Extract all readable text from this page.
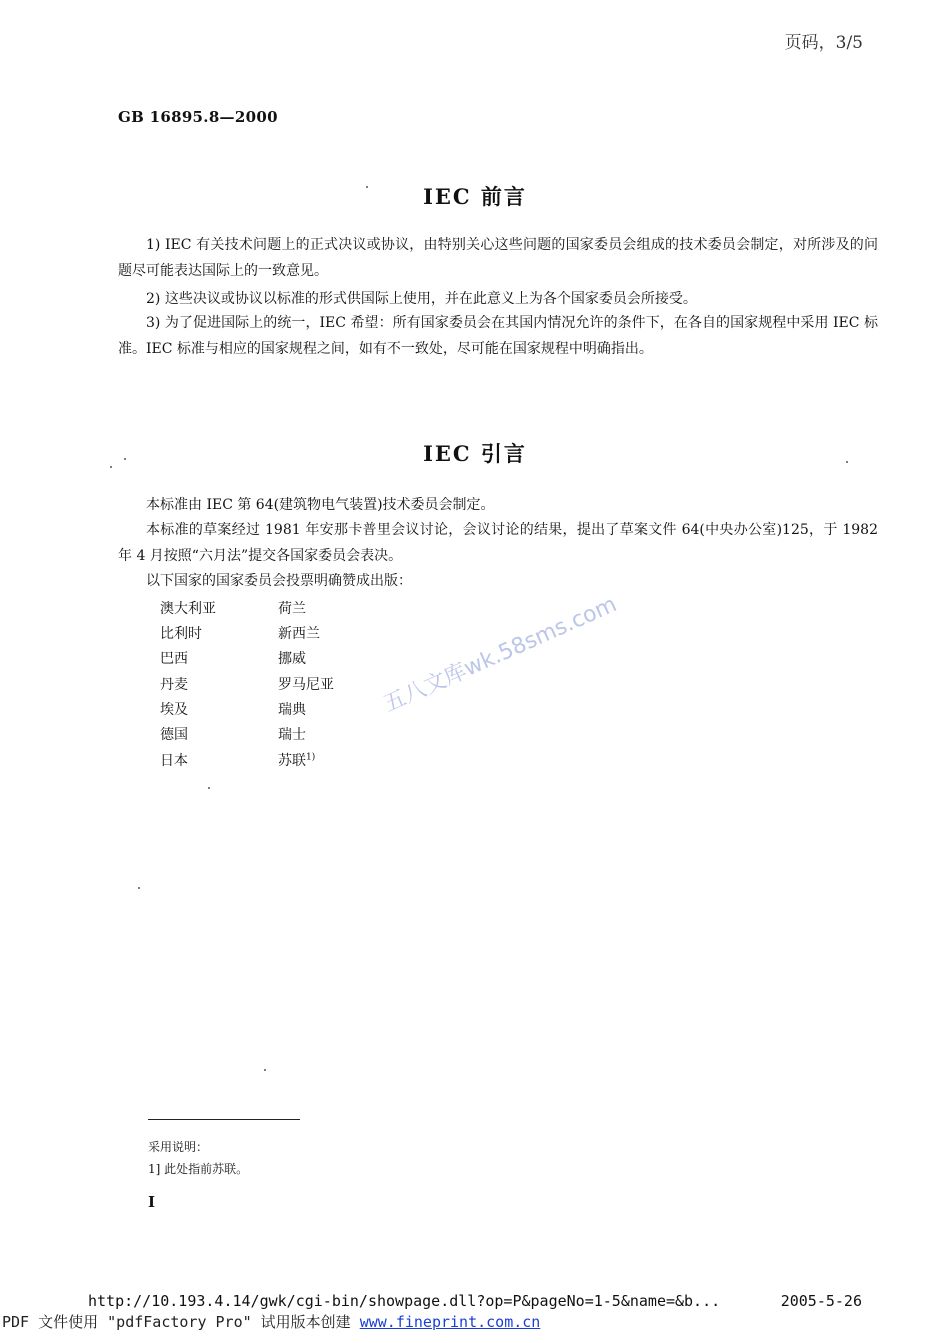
页码，3/5
GB 16895.8—2000
IEC 前言
1) IEC 有关技术问题上的正式决议或协议，由特别关心这些问题的国家委员会组成的技术委员会制定，对所涉及的问题尽可能表达国际上的一致意见。
2) 这些决议或协议以标准的形式供国际上使用，并在此意义上为各个国家委员会所接受。
3) 为了促进国际上的统一，IEC 希望：所有国家委员会在其国内情况允许的条件下，在各自的国家规程中采用 IEC 标准。IEC 标准与相应的国家规程之间，如有不一致处，尽可能在国家规程中明确指出。
IEC 引言
本标准由 IEC 第 64(建筑物电气装置)技术委员会制定。
本标准的草案经过 1981 年安那卡普里会议讨论，会议讨论的结果，提出了草案文件 64(中央办公室)125，于 1982 年 4 月按照“六月法”提交各国家委员会表决。
以下国家的国家委员会投票明确赞成出版：
澳大利亚
比利时
巴西
丹麦
埃及
德国
日本
荷兰
新西兰
挪威
罗马尼亚
瑞典
瑞士
苏联$^{1)}$
五八文库wk.58sms.com
采用说明：
1] 此处指前苏联。
I
http://10.193.4.14/gwk/cgi-bin/showpage.dll?op=P&pageNo=1-5&name=&b...	2005-5-26
PDF 文件使用 "pdfFactory Pro" 试用版本创建 www.fineprint.com.cn
